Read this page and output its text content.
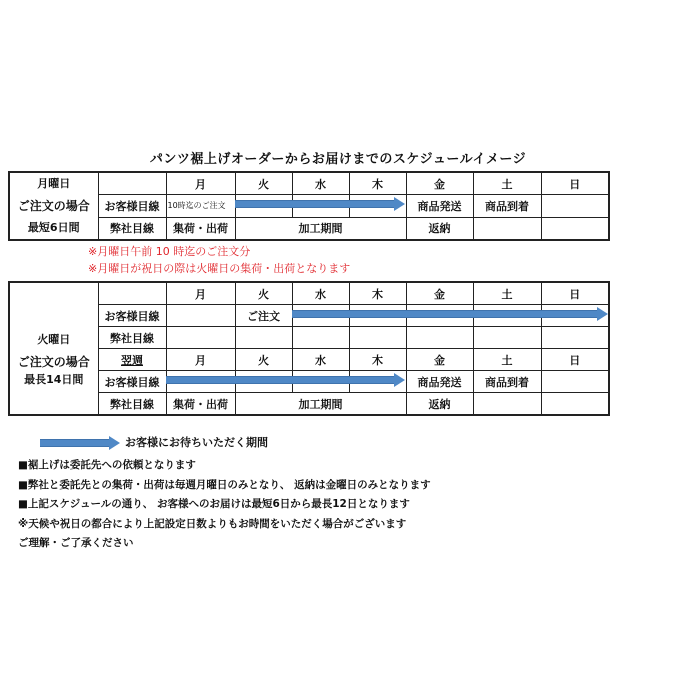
パンツ裾上げオーダーからお届けまでのスケジュールイメージ
月曜日
ご注文の場合
最短6日間		月	火	水	木	金	土	日
	お客様目線	10時迄のご注文				商品発送	商品到着	
	弊社目線	集荷・出荷	加工期間			返納		
※月曜日午前 10 時迄のご注文分
※月曜日が祝日の際は火曜日の集荷・出荷となります
火曜日
ご注文の場合
最長14日間		月	火	水	木	金	土	日
	お客様目線		ご注文					
	弊社目線							
	翌週	月	火	水	木	金	土	日
	お客様目線					商品発送	商品到着	
	弊社目線	集荷・出荷	加工期間			返納		
お客様にお待ちいただく期間
■裾上げは委託先への依頼となります
■弊社と委託先との集荷・出荷は毎週月曜日のみとなり、 返納は金曜日のみとなります
■上記スケジュールの通り、 お客様へのお届けは最短6日から最長12日となります
※天候や祝日の都合により上記設定日数よりもお時間をいただく場合がございます
ご理解・ご了承ください
